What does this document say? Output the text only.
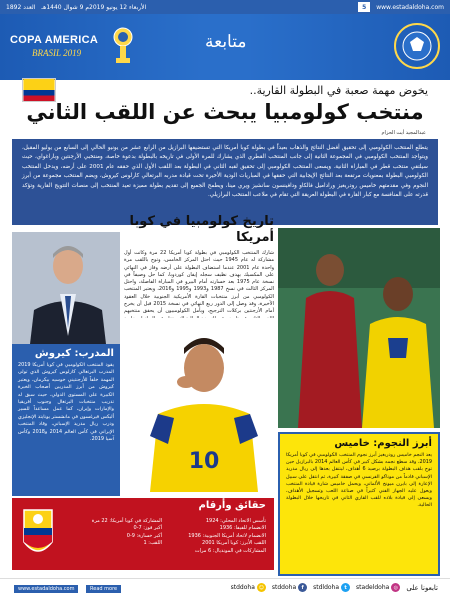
العدد 1892 الأربعاء 12 يونيو 2019م 9 شوال 1440هـ	5	www.estadaldoha.com
COPA AMERICA
BRASIL 2019
متابعة
يخوض مهمة صعبة في البطولة القارية..
منتخب كولومبيا يبحث عن اللقب الثاني
عبدالمجيد أيت الحزام
يتطلع المنتخب الكولومبي إلى تحقيق أفضل النتائج والذهاب بعيداً في بطولة كوبا أمريكا التي تستضيفها البرازيل من الرابع عشر من يونيو الحالي إلى السابع من يوليو المقبل، ويتواجد المنتخب الكولومبي في المجموعة الثانية إلى جانب المنتخب القطري الذي يشارك للمرة الأولى في تاريخه بالبطولة بدعوة خاصة، ومنتخبي الأرجنتين وباراغواي، حيث سيلتقي منتخب قطر في المباراة الثانية. ويسعى المنتخب الكولومبي إلى تحقيق لقبه الثاني في البطولة بعد اللقب الأول الذي حققه عام 2001 على أرضه، ويدخل المنتخب الكولومبي البطولة بمعنويات مرتفعة بعد النتائج الإيجابية التي حققها في المباريات الودية الأخيرة تحت قيادة مدربه البرتغالي كارلوس كيروش، ويضم المنتخب مجموعة من أبرز النجوم وفي مقدمتهم خاميس رودريغيز وراداميل فالكاو ودافينسون سانشيز ويري مينا، ويطمح الجميع إلى تقديم بطولة مميزة تعيد المنتخب إلى منصات التتويج القارية وتؤكد قدرته على المنافسة مع كبار القارة في البطولة العريقة التي تقام في ملاعب المنتخب البرازيلي.
المدرب: كيروش
يقود المنتخب الكولومبي في كوبا أمريكا 2019 المدرب البرتغالي كارلوس كيروش الذي تولى المهمة خلفاً للأرجنتيني خوسيه بيكرمان، ويعتبر كيروش من أبرز المدربين أصحاب الخبرة الكبيرة على المستوى الدولي، حيث سبق له تدريب منتخبات البرتغال وجنوب أفريقيا والإمارات وإيران، كما عمل مساعداً للسير أليكس فيرغسون في مانشستر يونايتد الإنجليزي ودرب ريال مدريد الإسباني، وقاد المنتخب الإيراني في كأس العالم 2014 و2018 وكأس آسيا 2019.
تاريخ كولومبيا في كوبا أمريكا
شارك المنتخب الكولومبي في بطولة كوبا أمريكا 22 مرة وكانت أول مشاركة له عام 1945 حيث احتل المركز الخامس، وتوج باللقب مرة واحدة عام 2001 عندما استضاف البطولة على أرضه وفاز في النهائي على المكسيك بهدف نظيف سجله إيفان كوردوبا، كما حل وصيفاً في نسخة عام 1975 بعد خسارته أمام البيرو في المباراة الفاصلة، واحتل المركز الثالث في نسخ 1987 و1993 و1995 و2016، ويعتبر المنتخب الكولومبي من أبرز منتخبات القارة الأمريكية الجنوبية خلال العقود الأخيرة، وقد وصل إلى الدور ربع النهائي في نسخة 2015 قبل أن يخرج أمام الأرجنتين بركلات الترجيح، ويأمل الكولومبيون أن يحقق منتخبهم
10
أبرز النجوم: خاميس
يعد النجم خاميس رودريغيز أبرز نجوم المنتخب الكولومبي في كوبا أمريكا 2019، وقد سطع نجمه بشكل كبير في كأس العالم 2014 بالبرازيل حين توج بلقب هداف البطولة برصيد 6 أهداف، ليتنقل بعدها إلى ريال مدريد الإسباني قادماً من موناكو الفرنسي في صفقة كبيرة، ثم انتقل على سبيل الإعارة إلى بايرن ميونخ الألماني، ويحمل خاميس شارة قيادة المنتخب ويعول عليه الجهاز الفني كثيراً في صناعة اللعب وتسجيل الأهداف، ويسعى إلى قيادة بلاده للقب القاري الثاني في تاريخها خلال البطولة الحالية.
حقائق وأرقام
تأسس الاتحاد المحلي: 1924
الانضمام للفيفا: 1936
الانضمام لاتحاد أمريكا الجنوبية: 1936
اللقب الأبرز: كوبا أمريكا 2001
المشاركات في المونديال: 6 مرات
المشاركة في كوبا أمريكا: 22 مرة
أكبر فوز: 7-0
أكبر خسارة: 9-0
اللقب: 1
www.estadaldoha.com	Read more	تابعونا على
◎
stadeldoha
t
stdldoha
f
stddoha
☺
stddoha
